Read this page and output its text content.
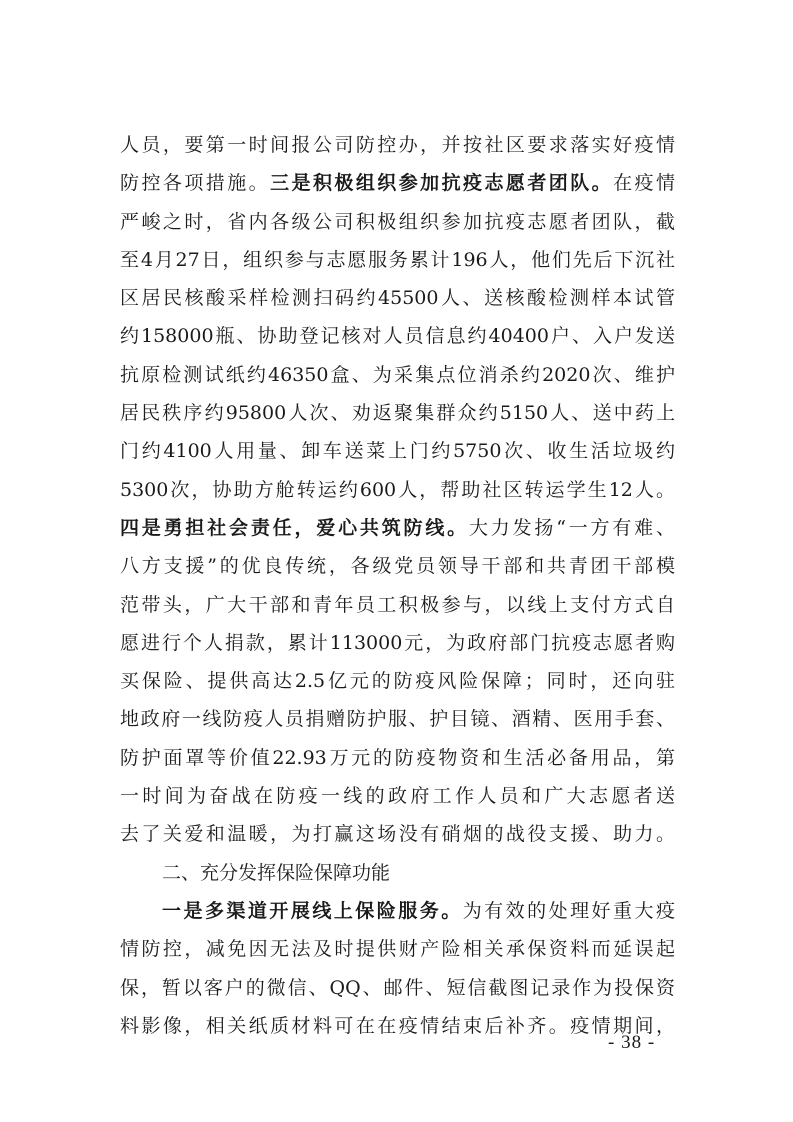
人员，要第一时间报公司防控办，并按社区要求落实好疫情
防控各项措施。三是积极组织参加抗疫志愿者团队。在疫情
严峻之时，省内各级公司积极组织参加抗疫志愿者团队，截
至4月27日，组织参与志愿服务累计196人，他们先后下沉社
区居民核酸采样检测扫码约45500人、送核酸检测样本试管
约158000瓶、协助登记核对人员信息约40400户、入户发送
抗原检测试纸约46350盒、为采集点位消杀约2020次、维护
居民秩序约95800人次、劝返聚集群众约5150人、送中药上
门约4100人用量、卸车送菜上门约5750次、收生活垃圾约
5300次，协助方舱转运约600人，帮助社区转运学生12人。
四是勇担社会责任，爱心共筑防线。大力发扬“一方有难、
八方支援”的优良传统，各级党员领导干部和共青团干部模
范带头，广大干部和青年员工积极参与，以线上支付方式自
愿进行个人捐款，累计113000元，为政府部门抗疫志愿者购
买保险、提供高达2.5亿元的防疫风险保障；同时，还向驻
地政府一线防疫人员捐赠防护服、护目镜、酒精、医用手套、
防护面罩等价值22.93万元的防疫物资和生活必备用品，第
一时间为奋战在防疫一线的政府工作人员和广大志愿者送
去了关爱和温暖，为打赢这场没有硝烟的战役支援、助力。
二、充分发挥保险保障功能
一是多渠道开展线上保险服务。为有效的处理好重大疫
情防控，减免因无法及时提供财产险相关承保资料而延误起
保，暂以客户的微信、QQ、邮件、短信截图记录作为投保资
料影像，相关纸质材料可在在疫情结束后补齐。疫情期间，
- 38 -
